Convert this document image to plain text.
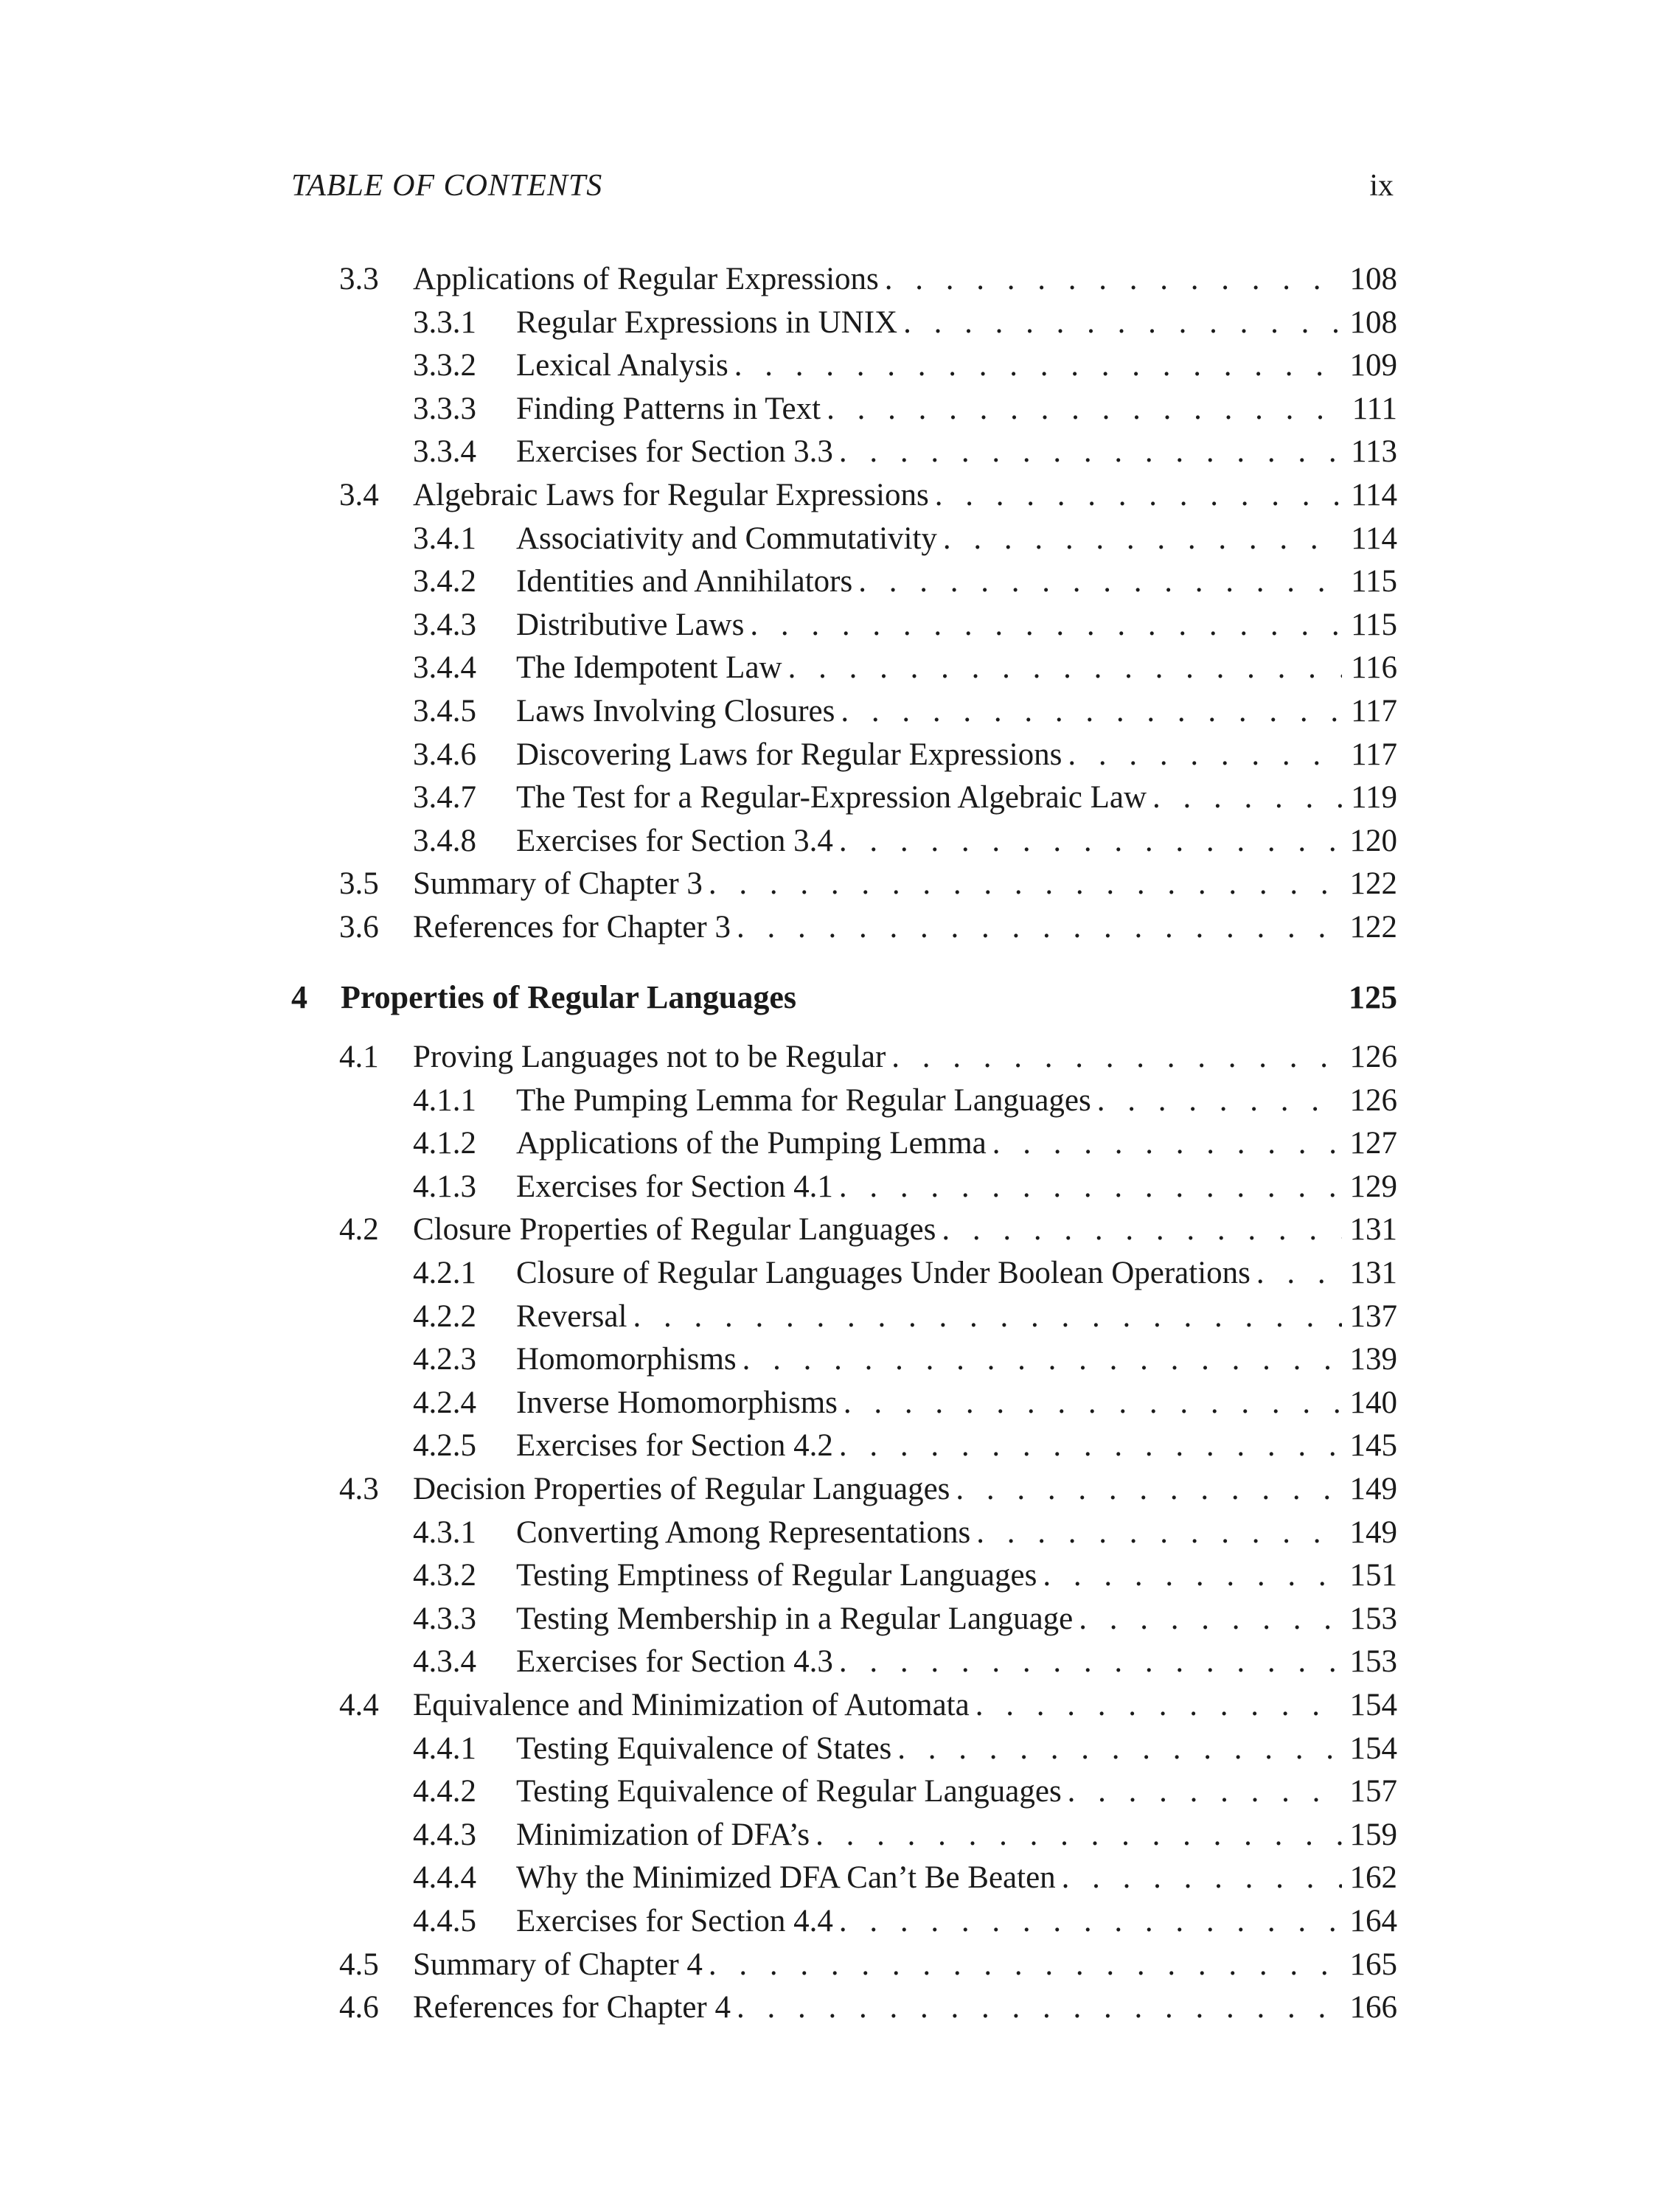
TABLE OF CONTENTS	ix
3.3 Applications of Regular Expressions . . .	108
3.3.1 Regular Expressions in UNIX . . .	108
3.3.2 Lexical Analysis . . .	109
3.3.3 Finding Patterns in Text . . .	111
3.3.4 Exercises for Section 3.3 . . .	113
3.4 Algebraic Laws for Regular Expressions . . .	114
3.4.1 Associativity and Commutativity . . .	114
3.4.2 Identities and Annihilators . . .	115
3.4.3 Distributive Laws . . .	115
3.4.4 The Idempotent Law . . .	116
3.4.5 Laws Involving Closures . . .	117
3.4.6 Discovering Laws for Regular Expressions . . .	117
3.4.7 The Test for a Regular-Expression Algebraic Law . . .	119
3.4.8 Exercises for Section 3.4 . . .	120
3.5 Summary of Chapter 3 . . .	122
3.6 References for Chapter 3 . . .	122
4 Properties of Regular Languages	125
4.1 Proving Languages not to be Regular . . .	126
4.1.1 The Pumping Lemma for Regular Languages . . .	126
4.1.2 Applications of the Pumping Lemma . . .	127
4.1.3 Exercises for Section 4.1 . . .	129
4.2 Closure Properties of Regular Languages . . .	131
4.2.1 Closure of Regular Languages Under Boolean Operations . . .	131
4.2.2 Reversal . . .	137
4.2.3 Homomorphisms . . .	139
4.2.4 Inverse Homomorphisms . . .	140
4.2.5 Exercises for Section 4.2 . . .	145
4.3 Decision Properties of Regular Languages . . .	149
4.3.1 Converting Among Representations . . .	149
4.3.2 Testing Emptiness of Regular Languages . . .	151
4.3.3 Testing Membership in a Regular Language . . .	153
4.3.4 Exercises for Section 4.3 . . .	153
4.4 Equivalence and Minimization of Automata . . .	154
4.4.1 Testing Equivalence of States . . .	154
4.4.2 Testing Equivalence of Regular Languages . . .	157
4.4.3 Minimization of DFA’s . . .	159
4.4.4 Why the Minimized DFA Can’t Be Beaten . . .	162
4.4.5 Exercises for Section 4.4 . . .	164
4.5 Summary of Chapter 4 . . .	165
4.6 References for Chapter 4 . . .	166
